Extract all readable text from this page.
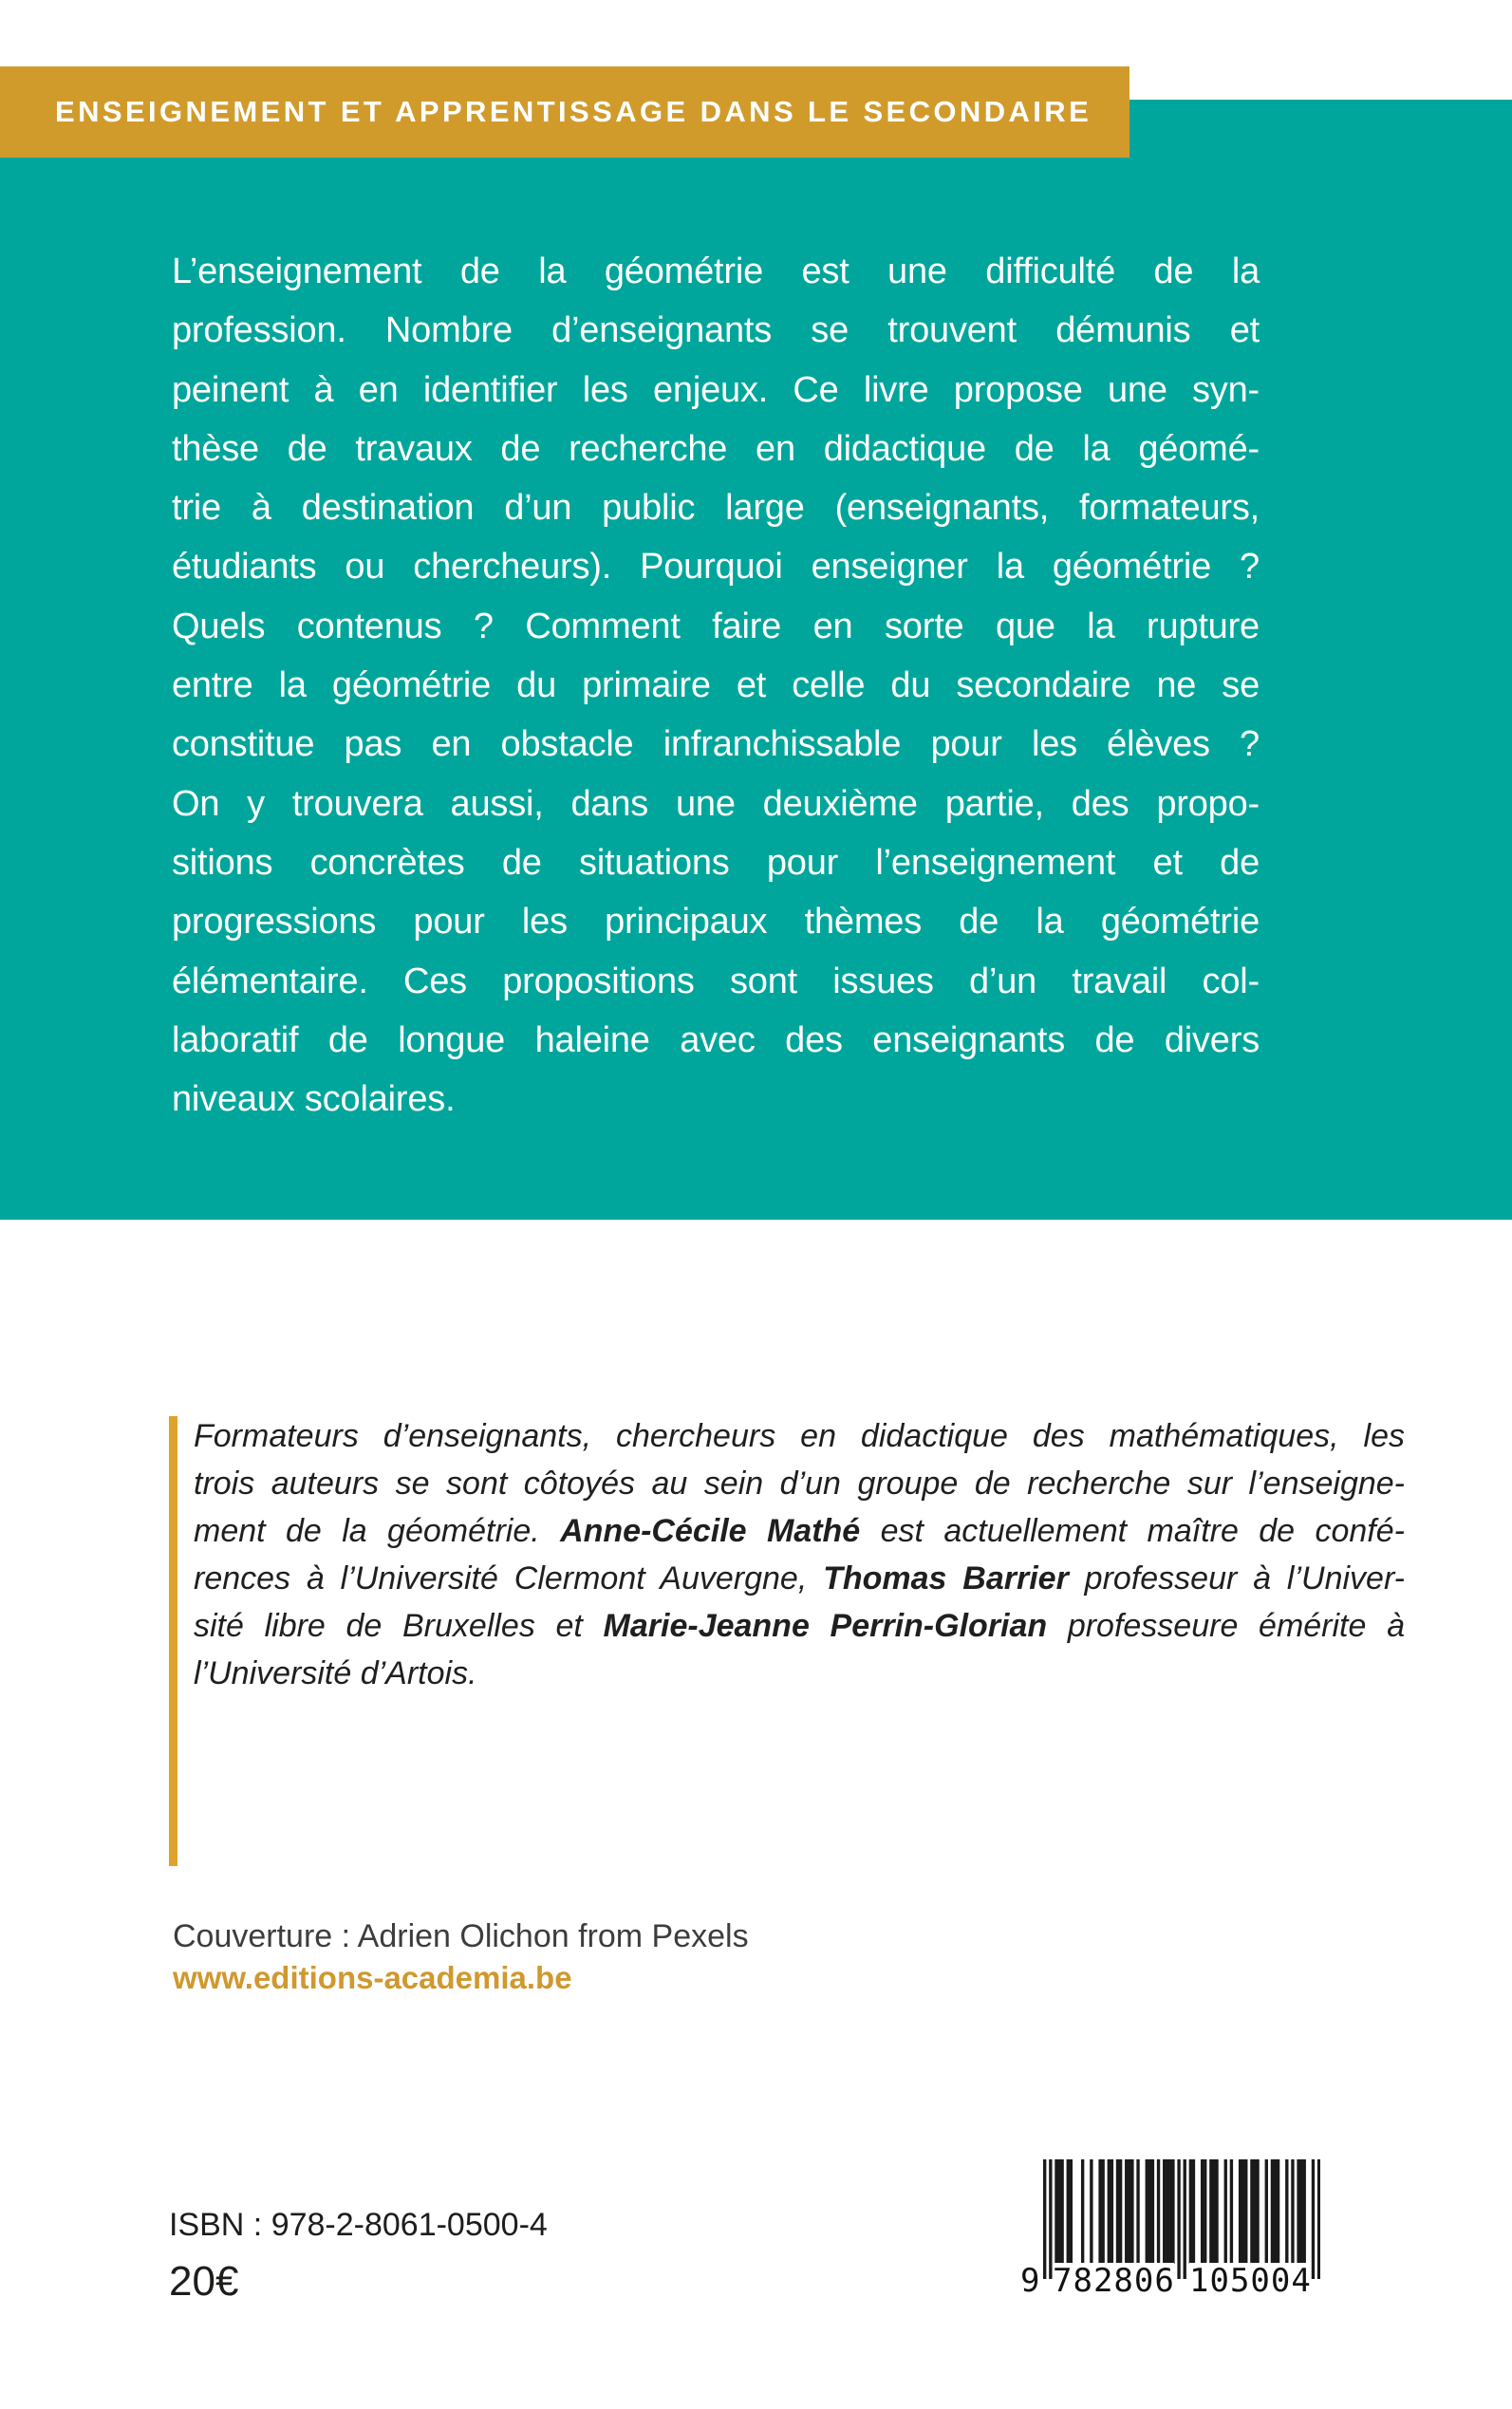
ENSEIGNEMENT ET APPRENTISSAGE DANS LE SECONDAIRE
L’enseignement de la géométrie est une difficulté de la
profession. Nombre d’enseignants se trouvent démunis et
peinent à en identifier les enjeux. Ce livre propose une syn-
thèse de travaux de recherche en didactique de la géomé-
trie à destination d’un public large (enseignants, formateurs,
étudiants ou chercheurs). Pourquoi enseigner la géométrie ?
Quels contenus ? Comment faire en sorte que la rupture
entre la géométrie du primaire et celle du secondaire ne se
constitue pas en obstacle infranchissable pour les élèves ?
On y trouvera aussi, dans une deuxième partie, des propo-
sitions concrètes de situations pour l’enseignement et de
progressions pour les principaux thèmes de la géométrie
élémentaire. Ces propositions sont issues d’un travail col-
laboratif de longue haleine avec des enseignants de divers
niveaux scolaires.
Formateurs d’enseignants, chercheurs en didactique des mathématiques, les
trois auteurs se sont côtoyés au sein d’un groupe de recherche sur l’enseigne-
ment de la géométrie. Anne-Cécile Mathé est actuellement maître de confé-
rences à l’Université Clermont Auvergne, Thomas Barrier professeur à l’Univer-
sité libre de Bruxelles et Marie-Jeanne Perrin-Glorian professeure émérite à
l’Université d’Artois.
Couverture : Adrien Olichon from Pexels
www.editions-academia.be
ISBN : 978-2-8061-0500-4
20€	9 782806 105004
